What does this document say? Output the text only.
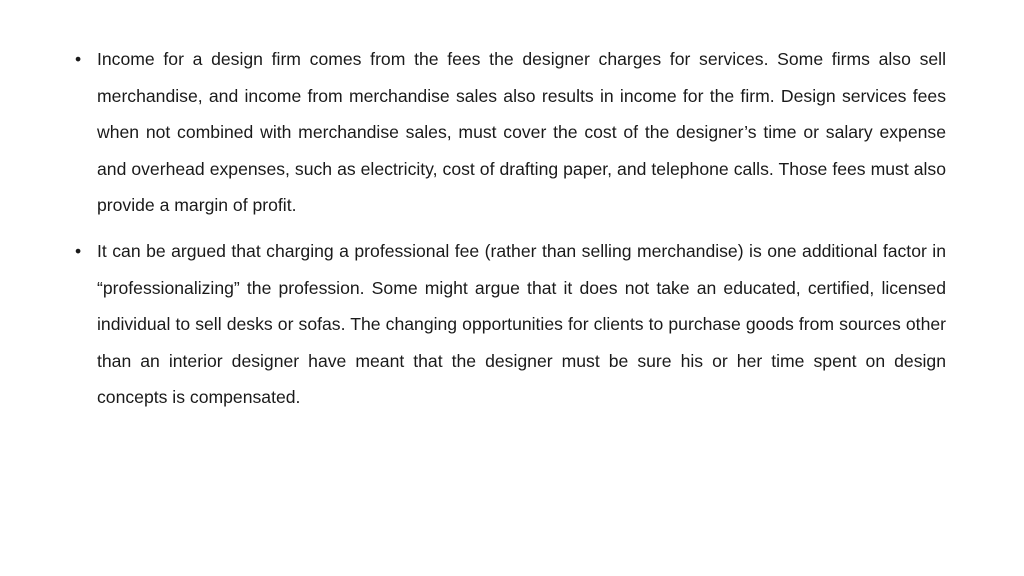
• Income for a design firm comes from the fees the designer charges for services. Some firms also sell merchandise, and income from merchandise sales also results in income for the firm. Design services fees when not combined with merchandise sales, must cover the cost of the designer’s time or salary expense and overhead expenses, such as electricity, cost of drafting paper, and telephone calls. Those fees must also provide a margin of profit.
• It can be argued that charging a professional fee (rather than selling merchandise) is one additional factor in “professionalizing” the profession. Some might argue that it does not take an educated, certified, licensed individual to sell desks or sofas. The changing opportunities for clients to purchase goods from sources other than an interior designer have meant that the designer must be sure his or her time spent on design concepts is compensated.
